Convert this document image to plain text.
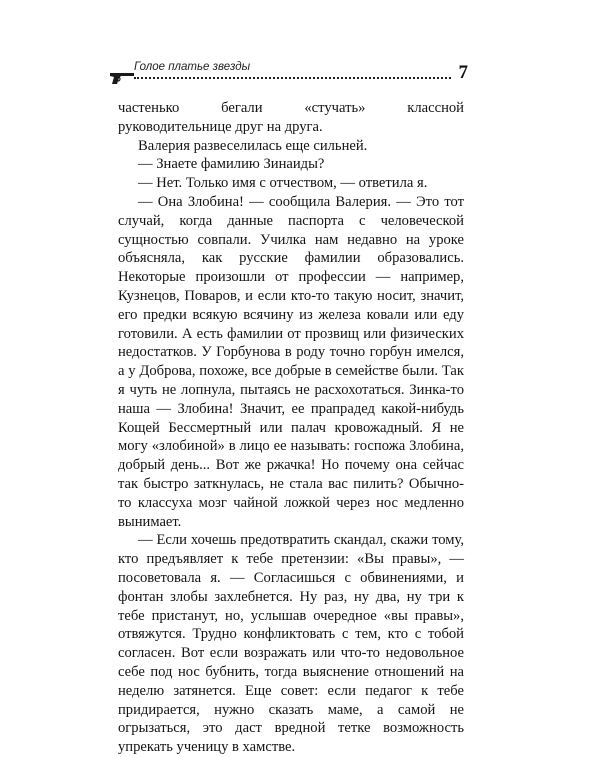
Голое платье звезды	7

частенько бегали «стучать» классной руководительнице друг на друга.

Валерия развеселилась еще сильней.

— Знаете фамилию Зинаиды?

— Нет. Только имя с отчеством, — ответила я.

— Она Злобина! — сообщила Валерия. — Это тот случай, когда данные паспорта с человеческой сущностью совпали. Училка нам недавно на уроке объясняла, как русские фамилии образовались. Некоторые произошли от профессии — например, Кузнецов, Поваров, и если кто-то такую носит, значит, его предки всякую всячину из железа ковали или еду готовили. А есть фамилии от прозвищ или физических недостатков. У Горбунова в роду точно горбун имелся, а у Доброва, похоже, все добрые в семействе были. Так я чуть не лопнула, пытаясь не расхохотаться. Зинка-то наша — Злобина! Значит, ее прапрадед какой-нибудь Кощей Бессмертный или палач кровожадный. Я не могу «злобиной» в лицо ее называть: госпожа Злобина, добрый день... Вот же ржачка! Но почему она сейчас так быстро заткнулась, не стала вас пилить? Обычно-то классуха мозг чайной ложкой через нос медленно вынимает.

— Если хочешь предотвратить скандал, скажи тому, кто предъявляет к тебе претензии: «Вы правы», — посоветовала я. — Согласишься с обвинениями, и фонтан злобы захлебнется. Ну раз, ну два, ну три к тебе пристанут, но, услышав очередное «вы правы», отвяжутся. Трудно конфликтовать с тем, кто с тобой согласен. Вот если возражать или что-то недовольное себе под нос бубнить, тогда выяснение отношений на неделю затянется. Еще совет: если педагог к тебе придирается, нужно сказать маме, а самой не огрызаться, это даст вредной тетке возможность упрекать ученицу в хамстве.
